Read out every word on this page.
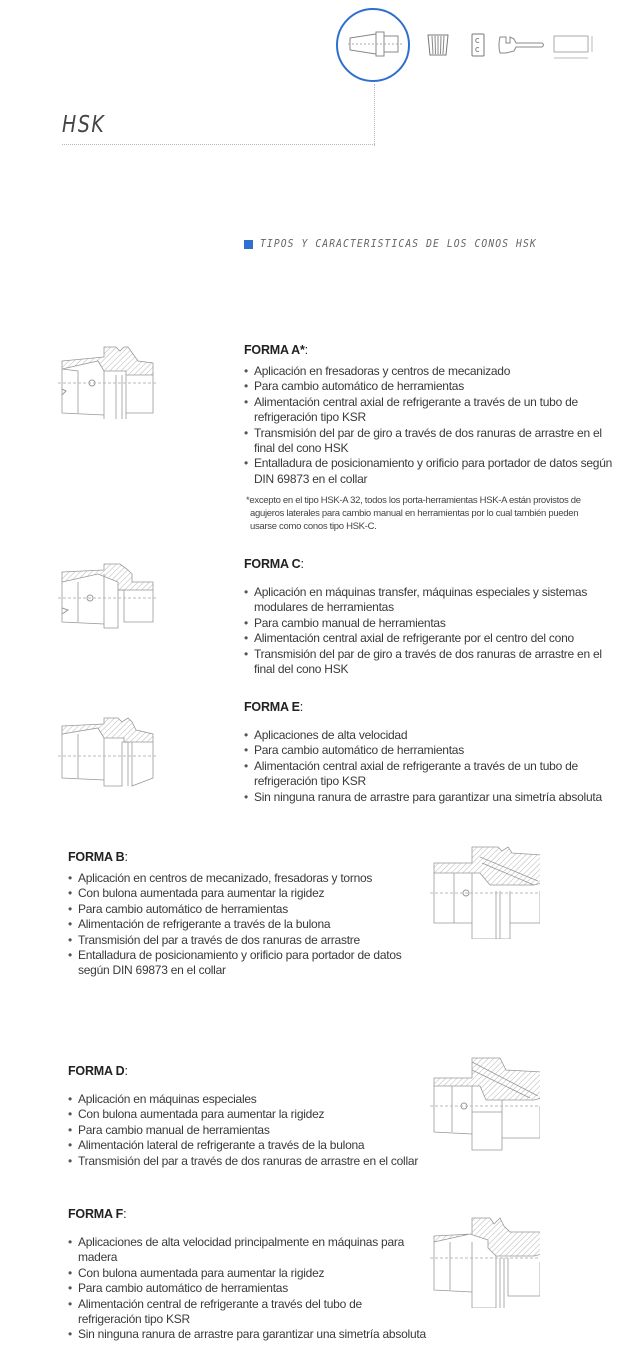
HSK
TIPOS Y CARACTERISTICAS DE LOS CONOS HSK
FORMA A*:
• Aplicación en fresadoras y centros de mecanizado
• Para cambio automático de herramientas
• Alimentación central axial de refrigerante a través de un tubo de refrigeración tipo KSR
• Transmisión del par de giro a través de dos ranuras de arrastre en el final del cono HSK
• Entalladura de posicionamiento y orificio para portador de datos según DIN 69873 en el collar
*excepto en el tipo HSK-A 32, todos los porta-herramientas HSK-A están provistos de agujeros laterales para cambio manual en herramientas por lo cual también pueden usarse como conos tipo HSK-C.
FORMA C:
• Aplicación en máquinas transfer, máquinas especiales y sistemas modulares de herramientas
• Para cambio manual de herramientas
• Alimentación central axial de refrigerante por el centro del cono
• Transmisión del par de giro a través de dos ranuras de arrastre en el final del cono HSK
FORMA E:
• Aplicaciones de alta velocidad
• Para cambio automático de herramientas
• Alimentación central axial de refrigerante a través de un tubo de refrigeración tipo KSR
• Sin ninguna ranura de arrastre para garantizar una simetría absoluta
FORMA B:
• Aplicación en centros de mecanizado, fresadoras y tornos
• Con bulona aumentada para aumentar la rigidez
• Para cambio automático de herramientas
• Alimentación de refrigerante a través de la bulona
• Transmisión del par a través de dos ranuras de arrastre
• Entalladura de posicionamiento y orificio para portador de datos según DIN 69873 en el collar
FORMA D:
• Aplicación en máquinas especiales
• Con bulona aumentada para aumentar la rigidez
• Para cambio manual de herramientas
• Alimentación lateral de refrigerante a través de la bulona
• Transmisión del par a través de dos ranuras de arrastre en el collar
FORMA F:
• Aplicaciones de alta velocidad principalmente en máquinas para madera
• Con bulona aumentada para aumentar la rigidez
• Para cambio automático de herramientas
• Alimentación central de refrigerante a través del tubo de refrigeración tipo KSR
• Sin ninguna ranura de arrastre para garantizar una simetría absoluta
